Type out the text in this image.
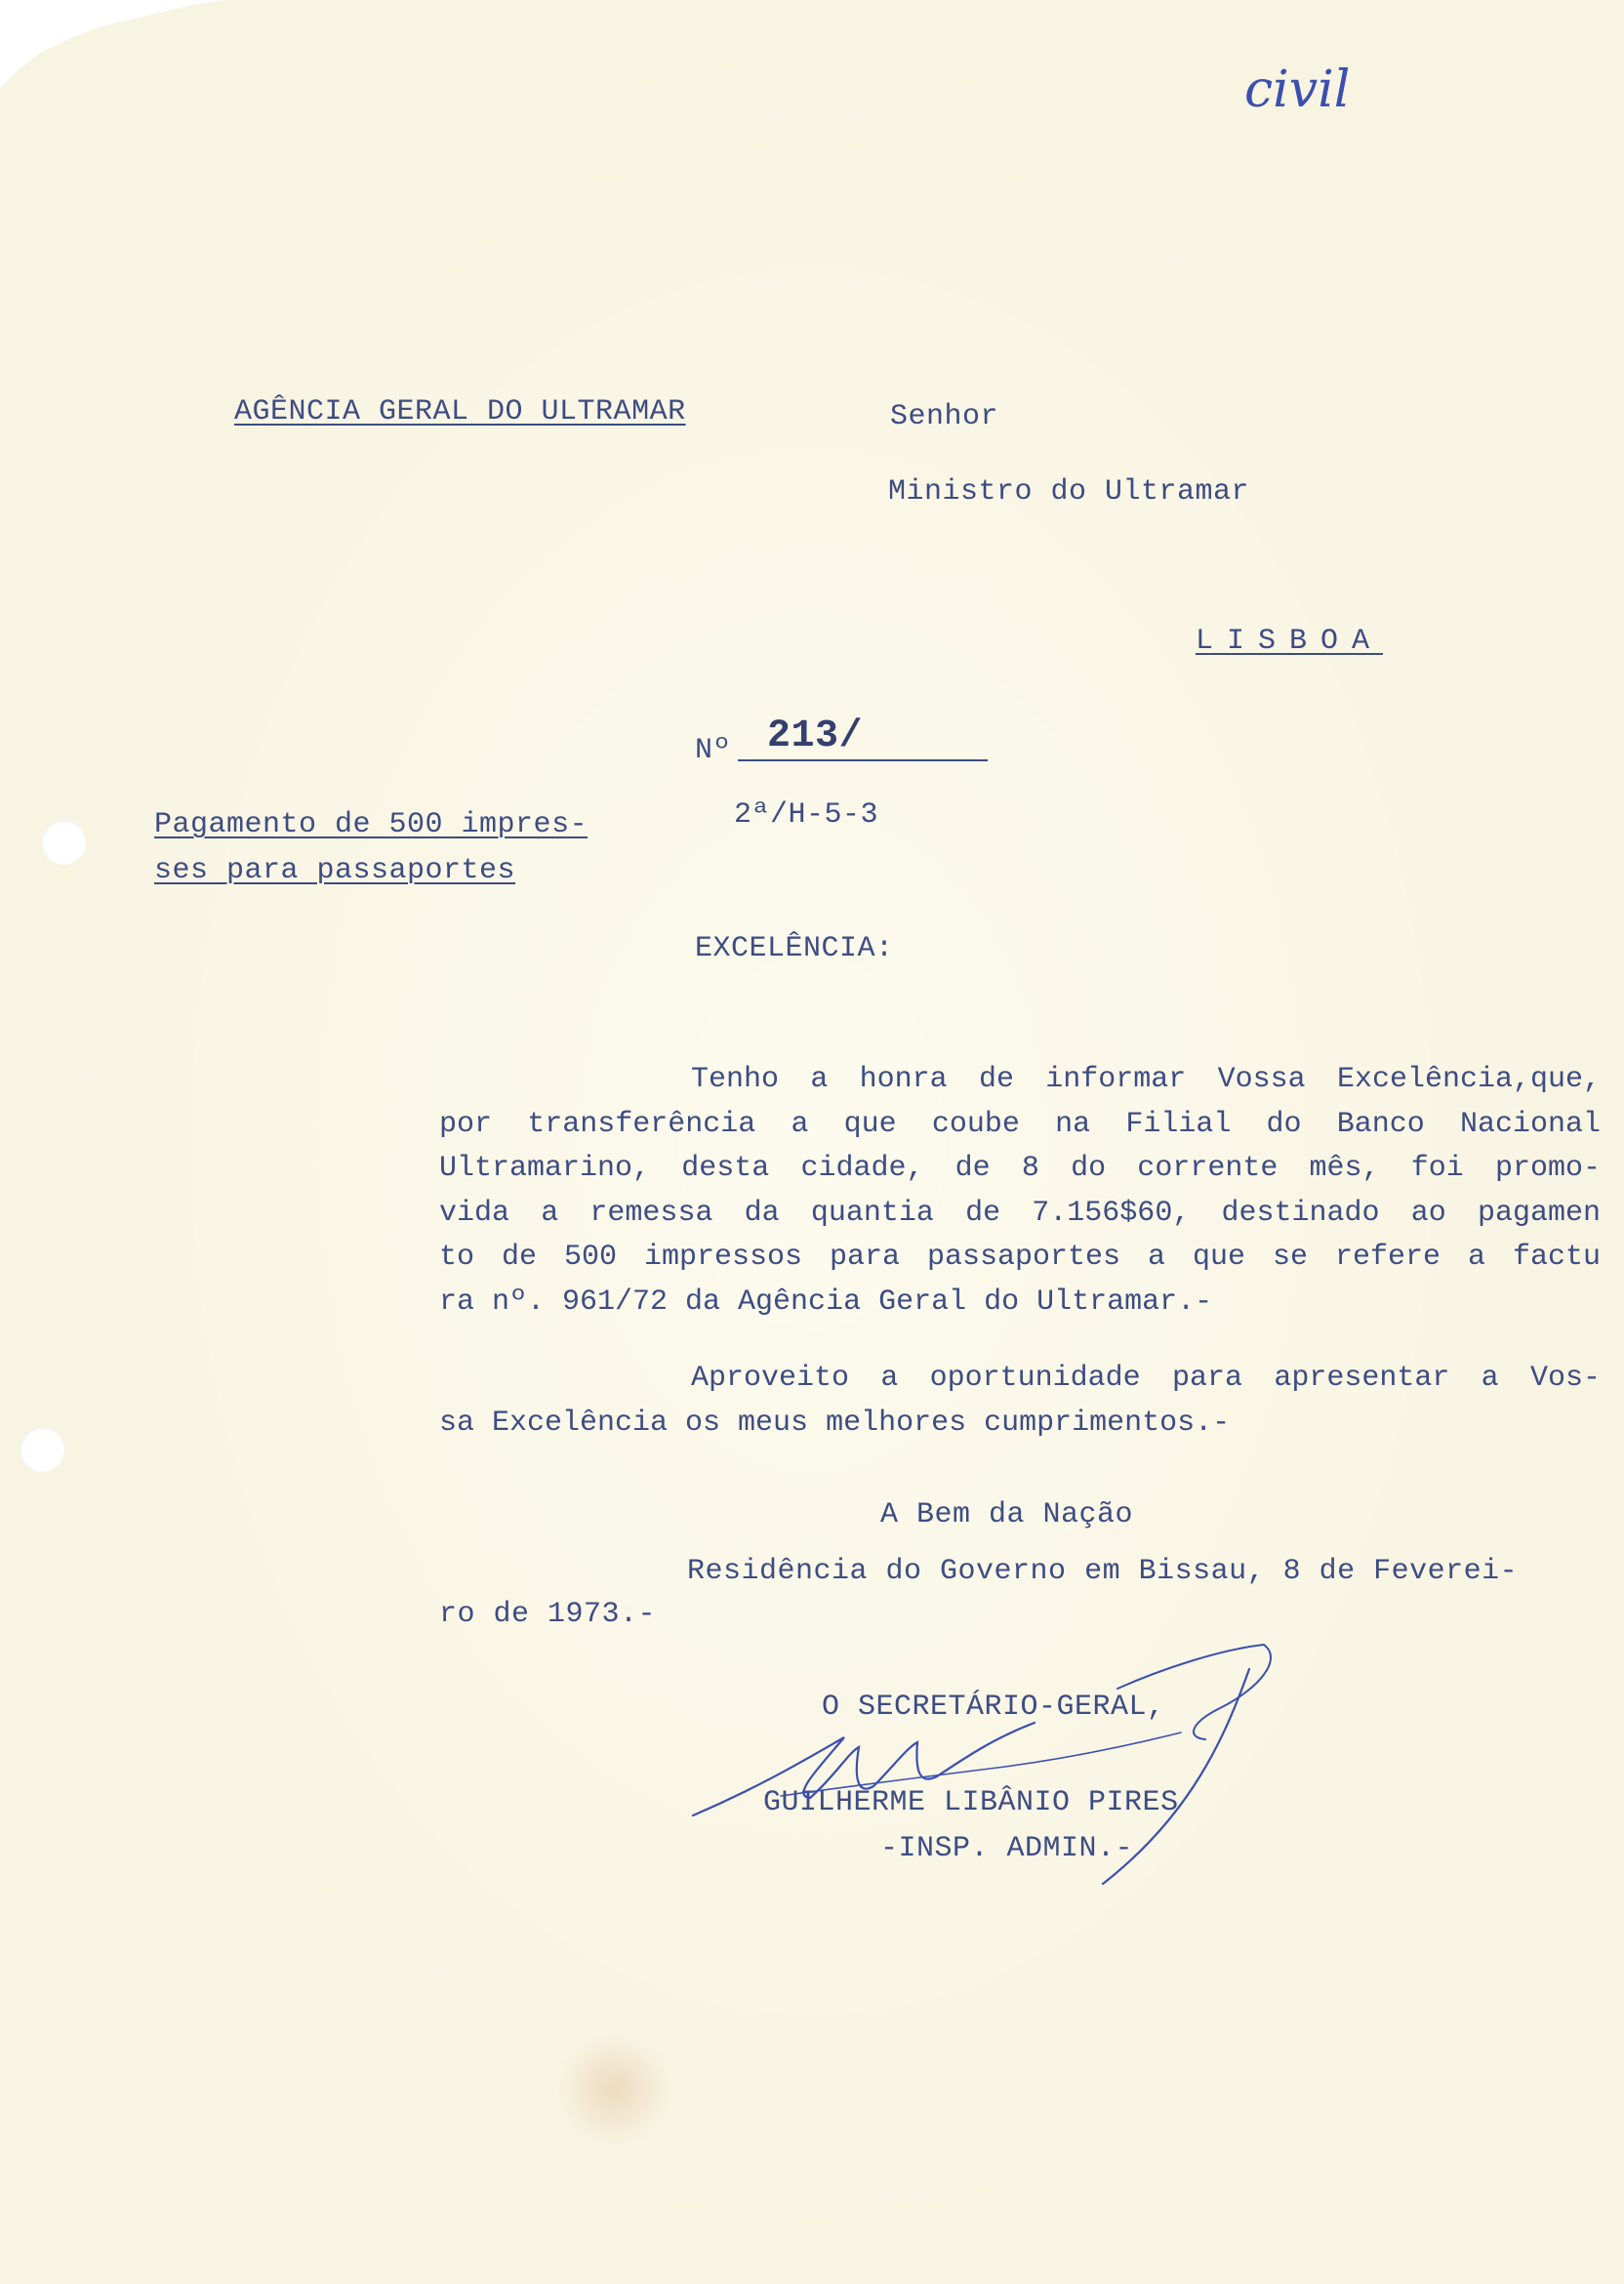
civil
AGÊNCIA GERAL DO ULTRAMAR	Senhor
Ministro do Ultramar
LISBOA
Nº 213/
2ª/H-5-3
Pagamento de 500 impres-
ses para passaportes
EXCELÊNCIA:
Tenho a honra de informar Vossa Excelência,que,
por transferência a que coube na Filial do Banco Nacional
Ultramarino, desta cidade, de 8 do corrente mês, foi promo-
vida a remessa da quantia de 7.156$60, destinado ao pagamen
to de 500 impressos para passaportes a que se refere a factu
ra nº. 961/72 da Agência Geral do Ultramar.-
Aproveito a oportunidade para apresentar a Vos-
sa Excelência os meus melhores cumprimentos.-
A Bem da Nação
Residência do Governo em Bissau, 8 de Feverei-
ro de 1973.-
O SECRETÁRIO-GERAL,
GUILHERME LIBÂNIO PIRES
-INSP. ADMIN.-
